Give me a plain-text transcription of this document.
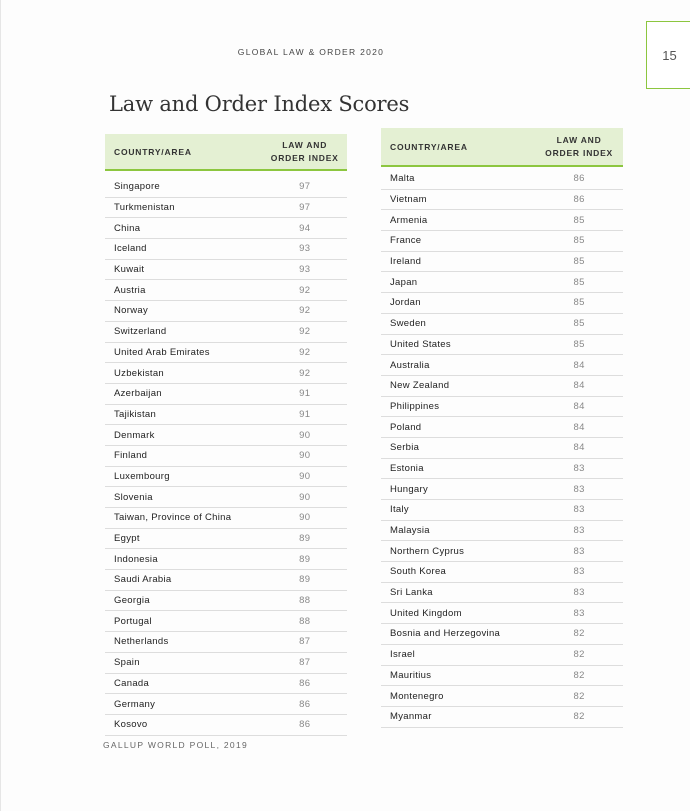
GLOBAL LAW & ORDER 2020	15
Law and Order Index Scores
COUNTRY/AREA	LAW AND
ORDER INDEX
Singapore	97
Turkmenistan	97
China	94
Iceland	93
Kuwait	93
Austria	92
Norway	92
Switzerland	92
United Arab Emirates	92
Uzbekistan	92
Azerbaijan	91
Tajikistan	91
Denmark	90
Finland	90
Luxembourg	90
Slovenia	90
Taiwan, Province of China	90
Egypt	89
Indonesia	89
Saudi Arabia	89
Georgia	88
Portugal	88
Netherlands	87
Spain	87
Canada	86
Germany	86
Kosovo	86
COUNTRY/AREA	LAW AND
ORDER INDEX
Malta	86
Vietnam	86
Armenia	85
France	85
Ireland	85
Japan	85
Jordan	85
Sweden	85
United States	85
Australia	84
New Zealand	84
Philippines	84
Poland	84
Serbia	84
Estonia	83
Hungary	83
Italy	83
Malaysia	83
Northern Cyprus	83
South Korea	83
Sri Lanka	83
United Kingdom	83
Bosnia and Herzegovina	82
Israel	82
Mauritius	82
Montenegro	82
Myanmar	82
GALLUP WORLD POLL, 2019
